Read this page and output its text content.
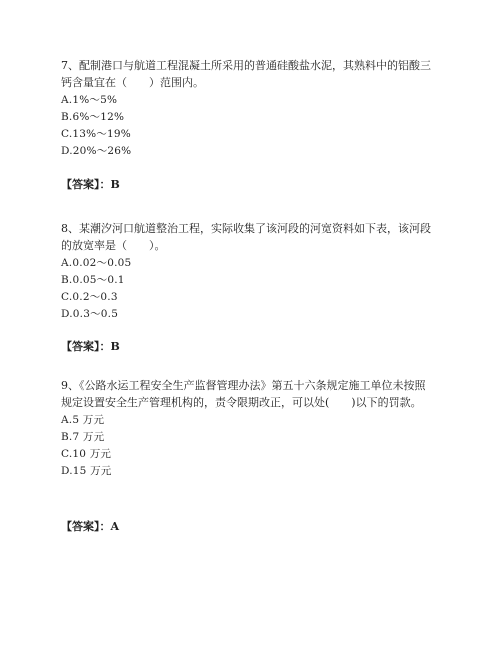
7、配制港口与航道工程混凝土所采用的普通硅酸盐水泥，其熟料中的铝酸三钙含量宜在（　　）范围内。

A.1%～5%
B.6%～12%
C.13%～19%
D.20%～26%
【答案】：B

8、某潮汐河口航道整治工程，实际收集了该河段的河宽资料如下表，该河段的放宽率是（　　）。

A.0.02～0.05
B.0.05～0.1
C.0.2～0.3
D.0.3～0.5
【答案】：B

9、《公路水运工程安全生产监督管理办法》第五十六条规定施工单位未按照规定设置安全生产管理机构的，责令限期改正，可以处(　　)以下的罚款。

A.5 万元
B.7 万元
C.10 万元
D.15 万元
【答案】：A
